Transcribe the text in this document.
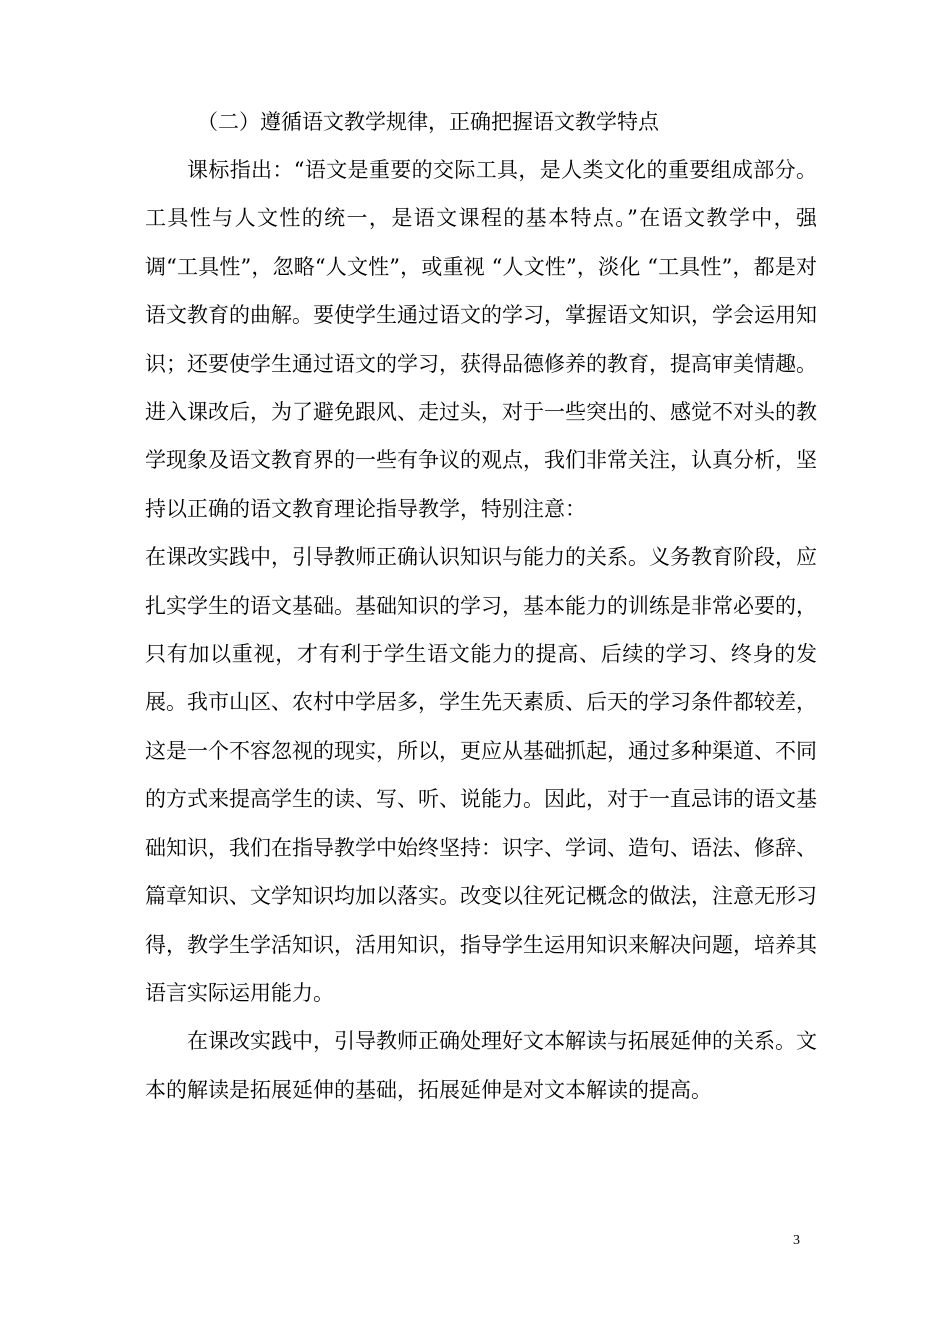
（二）遵循语文教学规律，正确把握语文教学特点

课标指出：“语文是重要的交际工具，是人类文化的重要组成部分。工具性与人文性的统一，是语文课程的基本特点。”在语文教学中，强调“工具性”，忽略“人文性”，或重视 “人文性”，淡化 “工具性”，都是对语文教育的曲解。要使学生通过语文的学习，掌握语文知识，学会运用知识；还要使学生通过语文的学习，获得品德修养的教育，提高审美情趣。进入课改后，为了避免跟风、走过头，对于一些突出的、感觉不对头的教学现象及语文教育界的一些有争议的观点，我们非常关注，认真分析，坚持以正确的语文教育理论指导教学，特别注意：

在课改实践中，引导教师正确认识知识与能力的关系。义务教育阶段，应扎实学生的语文基础。基础知识的学习，基本能力的训练是非常必要的，只有加以重视，才有利于学生语文能力的提高、后续的学习、终身的发展。我市山区、农村中学居多，学生先天素质、后天的学习条件都较差，这是一个不容忽视的现实，所以，更应从基础抓起，通过多种渠道、不同的方式来提高学生的读、写、听、说能力。因此，对于一直忌讳的语文基础知识，我们在指导教学中始终坚持：识字、学词、造句、语法、修辞、篇章知识、文学知识均加以落实。改变以往死记概念的做法，注意无形习得，教学生学活知识，活用知识，指导学生运用知识来解决问题，培养其语言实际运用能力。

在课改实践中，引导教师正确处理好文本解读与拓展延伸的关系。文本的解读是拓展延伸的基础，拓展延伸是对文本解读的提高。

3
